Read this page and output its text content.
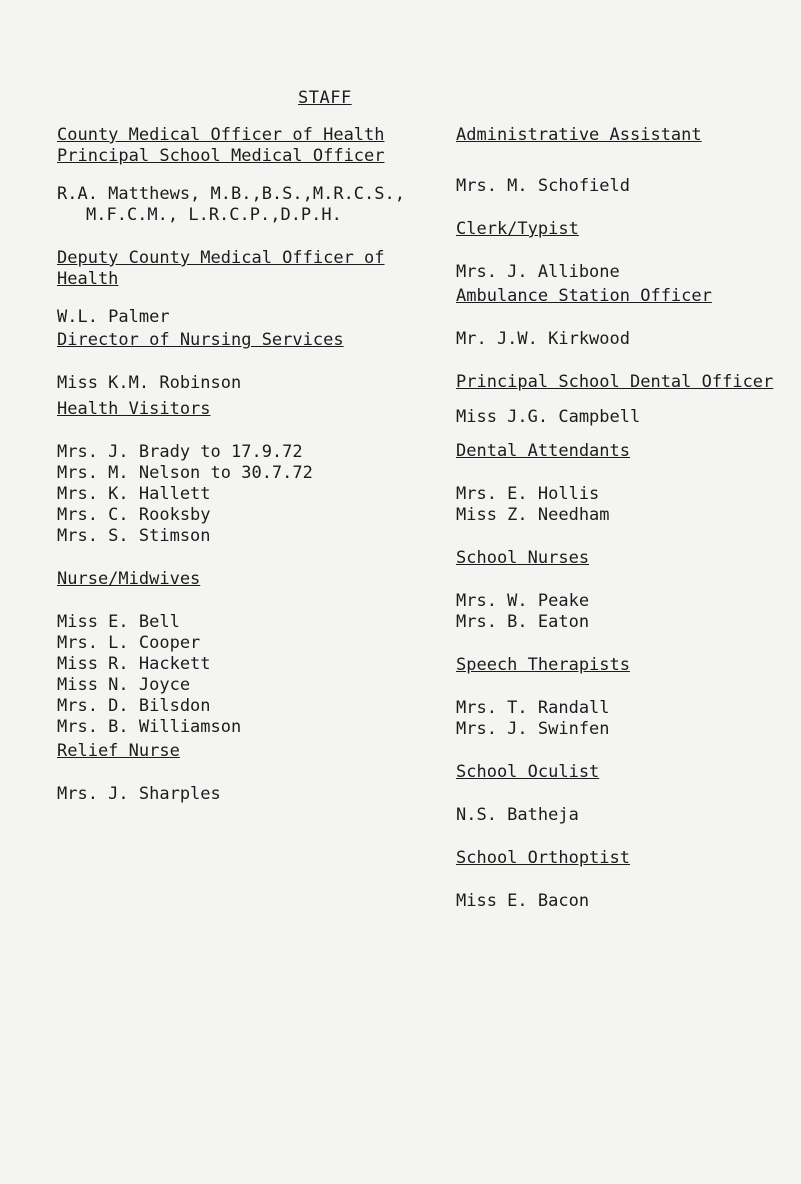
STAFF
County Medical Officer of Health
Principal School Medical Officer
R.A. Matthews, M.B.,B.S.,M.R.C.S.,
M.F.C.M., L.R.C.P.,D.P.H.
Deputy County Medical Officer of
Health
W.L. Palmer
Director of Nursing Services
Miss K.M. Robinson
Health Visitors
Mrs. J. Brady to 17.9.72
Mrs. M. Nelson to 30.7.72
Mrs. K. Hallett
Mrs. C. Rooksby
Mrs. S. Stimson
Nurse/Midwives
Miss E. Bell
Mrs. L. Cooper
Miss R. Hackett
Miss N. Joyce
Mrs. D. Bilsdon
Mrs. B. Williamson
Relief Nurse
Mrs. J. Sharples
Administrative Assistant
Mrs. M. Schofield
Clerk/Typist
Mrs. J. Allibone
Ambulance Station Officer
Mr. J.W. Kirkwood
Principal School Dental Officer
Miss J.G. Campbell
Dental Attendants
Mrs. E. Hollis
Miss Z. Needham
School Nurses
Mrs. W. Peake
Mrs. B. Eaton
Speech Therapists
Mrs. T. Randall
Mrs. J. Swinfen
School Oculist
N.S. Batheja
School Orthoptist
Miss E. Bacon
